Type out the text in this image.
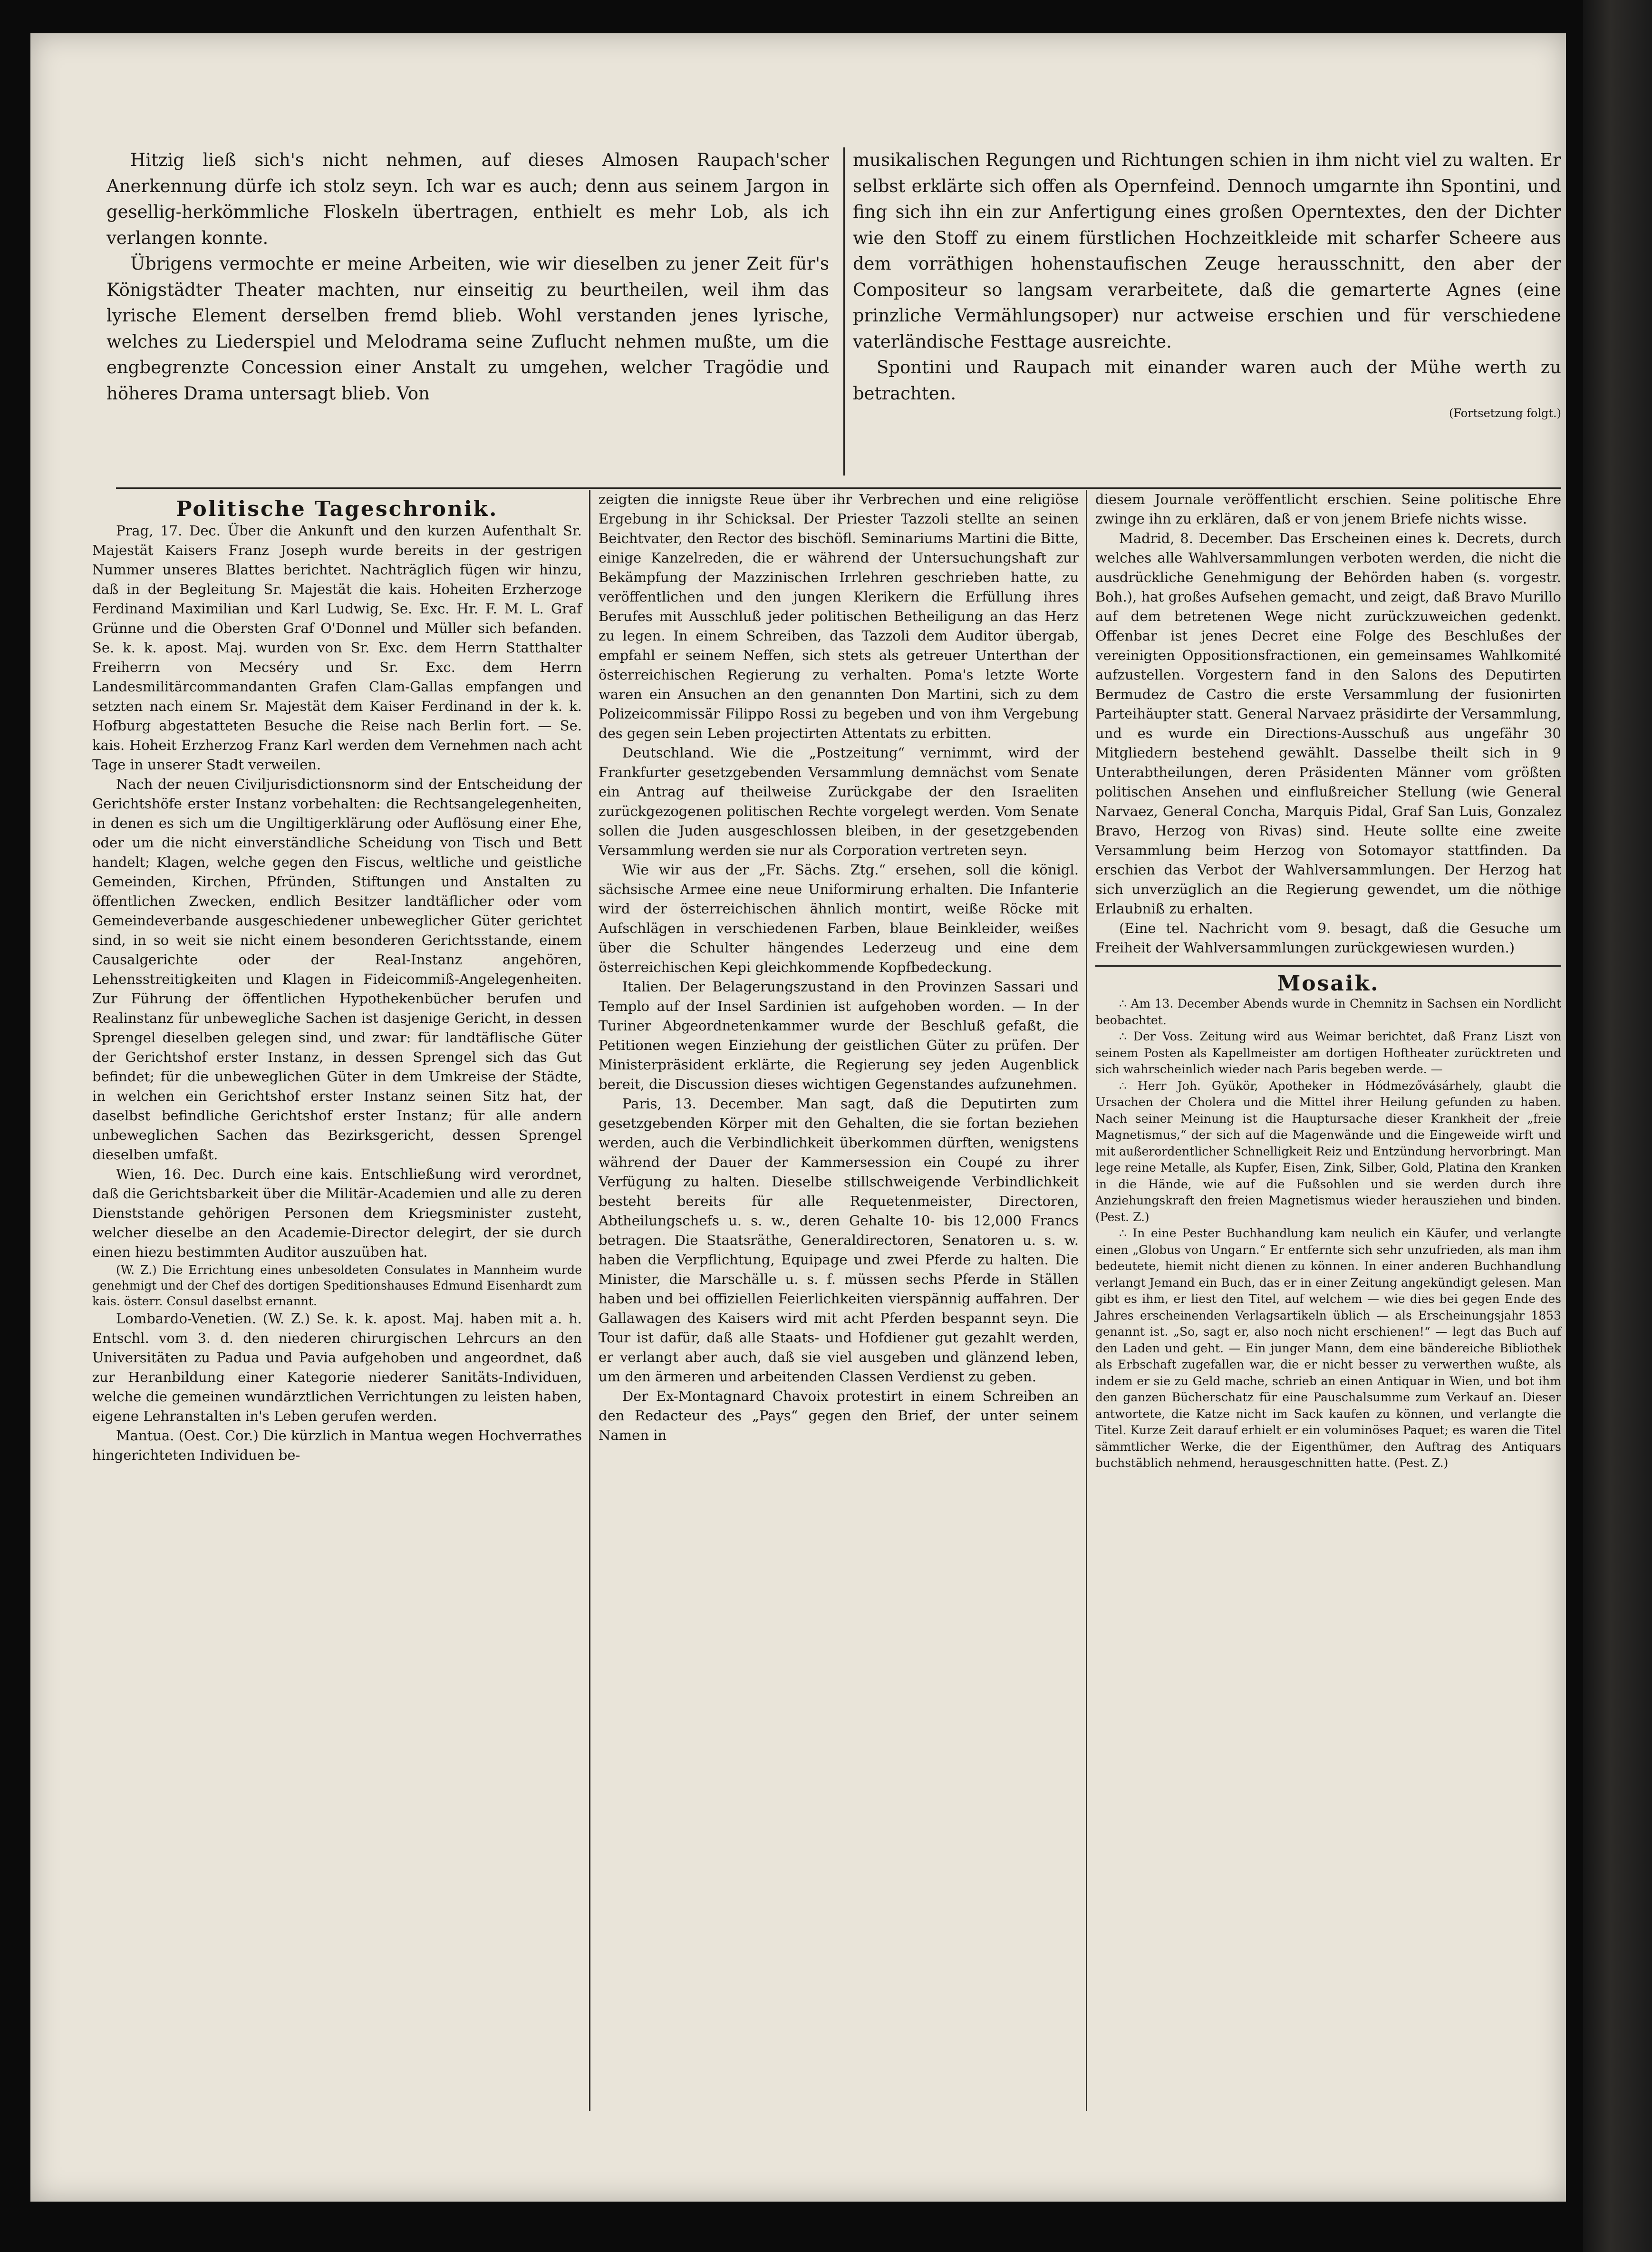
Hitzig ließ sich's nicht nehmen, auf dieses Almosen Raupach'scher Anerkennung dürfe ich stolz seyn. Ich war es auch; denn aus seinem Jargon in gesellig-herkömmliche Floskeln übertragen, enthielt es mehr Lob, als ich verlangen konnte.

Übrigens vermochte er meine Arbeiten, wie wir dieselben zu jener Zeit für's Königstädter Theater machten, nur einseitig zu beurtheilen, weil ihm das lyrische Element derselben fremd blieb. Wohl verstanden jenes lyrische, welches zu Liederspiel und Melodrama seine Zuflucht nehmen mußte, um die engbegrenzte Concession einer Anstalt zu umgehen, welcher Tragödie und höheres Drama untersagt blieb. Von

musikalischen Regungen und Richtungen schien in ihm nicht viel zu walten. Er selbst erklärte sich offen als Opernfeind. Dennoch umgarnte ihn Spontini, und fing sich ihn ein zur Anfertigung eines großen Operntextes, den der Dichter wie den Stoff zu einem fürstlichen Hochzeitkleide mit scharfer Scheere aus dem vorräthigen hohenstaufischen Zeuge herausschnitt, den aber der Compositeur so langsam verarbeitete, daß die gemarterte Agnes (eine prinzliche Vermählungsoper) nur actweise erschien und für verschiedene vaterländische Festtage ausreichte.

Spontini und Raupach mit einander waren auch der Mühe werth zu betrachten.

(Fortsetzung folgt.)

Politische Tageschronik.

Prag, 17. Dec. Über die Ankunft und den kurzen Aufenthalt Sr. Majestät Kaisers Franz Joseph wurde bereits in der gestrigen Nummer unseres Blattes berichtet. Nachträglich fügen wir hinzu, daß in der Begleitung Sr. Majestät die kais. Hoheiten Erzherzoge Ferdinand Maximilian und Karl Ludwig, Se. Exc. Hr. F. M. L. Graf Grünne und die Obersten Graf O'Donnel und Müller sich befanden. Se. k. k. apost. Maj. wurden von Sr. Exc. dem Herrn Statthalter Freiherrn von Mecséry und Sr. Exc. dem Herrn Landesmilitärcommandanten Grafen Clam-Gallas empfangen und setzten nach einem Sr. Majestät dem Kaiser Ferdinand in der k. k. Hofburg abgestatteten Besuche die Reise nach Berlin fort. — Se. kais. Hoheit Erzherzog Franz Karl werden dem Vernehmen nach acht Tage in unserer Stadt verweilen.

Nach der neuen Civiljurisdictionsnorm sind der Entscheidung der Gerichtshöfe erster Instanz vorbehalten: die Rechtsangelegenheiten, in denen es sich um die Ungiltigerklärung oder Auflösung einer Ehe, oder um die nicht einverständliche Scheidung von Tisch und Bett handelt; Klagen, welche gegen den Fiscus, weltliche und geistliche Gemeinden, Kirchen, Pfründen, Stiftungen und Anstalten zu öffentlichen Zwecken, endlich Besitzer landtäflicher oder vom Gemeindeverbande ausgeschiedener unbeweglicher Güter gerichtet sind, in so weit sie nicht einem besonderen Gerichtsstande, einem Causalgerichte oder der Real-Instanz angehören, Lehensstreitigkeiten und Klagen in Fideicommiß-Angelegenheiten. Zur Führung der öffentlichen Hypothekenbücher berufen und Realinstanz für unbewegliche Sachen ist dasjenige Gericht, in dessen Sprengel dieselben gelegen sind, und zwar: für landtäflische Güter der Gerichtshof erster Instanz, in dessen Sprengel sich das Gut befindet; für die unbeweglichen Güter in dem Umkreise der Städte, in welchen ein Gerichtshof erster Instanz seinen Sitz hat, der daselbst befindliche Gerichtshof erster Instanz; für alle andern unbeweglichen Sachen das Bezirksgericht, dessen Sprengel dieselben umfaßt.

Wien, 16. Dec. Durch eine kais. Entschließung wird verordnet, daß die Gerichtsbarkeit über die Militär-Academien und alle zu deren Dienststande gehörigen Personen dem Kriegsminister zusteht, welcher dieselbe an den Academie-Director delegirt, der sie durch einen hiezu bestimmten Auditor auszuüben hat.

(W. Z.) Die Errichtung eines unbesoldeten Consulates in Mannheim wurde genehmigt und der Chef des dortigen Speditionshauses Edmund Eisenhardt zum kais. österr. Consul daselbst ernannt.

Lombardo-Venetien. (W. Z.) Se. k. k. apost. Maj. haben mit a. h. Entschl. vom 3. d. den niederen chirurgischen Lehrcurs an den Universitäten zu Padua und Pavia aufgehoben und angeordnet, daß zur Heranbildung einer Kategorie niederer Sanitäts-Individuen, welche die gemeinen wundärztlichen Verrichtungen zu leisten haben, eigene Lehranstalten in's Leben gerufen werden.

Mantua. (Oest. Cor.) Die kürzlich in Mantua wegen Hochverrathes hingerichteten Individuen be-

zeigten die innigste Reue über ihr Verbrechen und eine religiöse Ergebung in ihr Schicksal. Der Priester Tazzoli stellte an seinen Beichtvater, den Rector des bischöfl. Seminariums Martini die Bitte, einige Kanzelreden, die er während der Untersuchungshaft zur Bekämpfung der Mazzinischen Irrlehren geschrieben hatte, zu veröffentlichen und den jungen Klerikern die Erfüllung ihres Berufes mit Ausschluß jeder politischen Betheiligung an das Herz zu legen. In einem Schreiben, das Tazzoli dem Auditor übergab, empfahl er seinem Neffen, sich stets als getreuer Unterthan der österreichischen Regierung zu verhalten. Poma's letzte Worte waren ein Ansuchen an den genannten Don Martini, sich zu dem Polizeicommissär Filippo Rossi zu begeben und von ihm Vergebung des gegen sein Leben projectirten Attentats zu erbitten.

Deutschland. Wie die „Postzeitung“ vernimmt, wird der Frankfurter gesetzgebenden Versammlung demnächst vom Senate ein Antrag auf theilweise Zurückgabe der den Israeliten zurückgezogenen politischen Rechte vorgelegt werden. Vom Senate sollen die Juden ausgeschlossen bleiben, in der gesetzgebenden Versammlung werden sie nur als Corporation vertreten seyn.

Wie wir aus der „Fr. Sächs. Ztg.“ ersehen, soll die königl. sächsische Armee eine neue Uniformirung erhalten. Die Infanterie wird der österreichischen ähnlich montirt, weiße Röcke mit Aufschlägen in verschiedenen Farben, blaue Beinkleider, weißes über die Schulter hängendes Lederzeug und eine dem österreichischen Kepi gleichkommende Kopfbedeckung.

Italien. Der Belagerungszustand in den Provinzen Sassari und Templo auf der Insel Sardinien ist aufgehoben worden. — In der Turiner Abgeordnetenkammer wurde der Beschluß gefaßt, die Petitionen wegen Einziehung der geistlichen Güter zu prüfen. Der Ministerpräsident erklärte, die Regierung sey jeden Augenblick bereit, die Discussion dieses wichtigen Gegenstandes aufzunehmen.

Paris, 13. December. Man sagt, daß die Deputirten zum gesetzgebenden Körper mit den Gehalten, die sie fortan beziehen werden, auch die Verbindlichkeit überkommen dürften, wenigstens während der Dauer der Kammersession ein Coupé zu ihrer Verfügung zu halten. Dieselbe stillschweigende Verbindlichkeit besteht bereits für alle Requetenmeister, Directoren, Abtheilungschefs u. s. w., deren Gehalte 10- bis 12,000 Francs betragen. Die Staatsräthe, Generaldirectoren, Senatoren u. s. w. haben die Verpflichtung, Equipage und zwei Pferde zu halten. Die Minister, die Marschälle u. s. f. müssen sechs Pferde in Ställen haben und bei offiziellen Feierlichkeiten vierspännig auffahren. Der Gallawagen des Kaisers wird mit acht Pferden bespannt seyn. Die Tour ist dafür, daß alle Staats- und Hofdiener gut gezahlt werden, er verlangt aber auch, daß sie viel ausgeben und glänzend leben, um den ärmeren und arbeitenden Classen Verdienst zu geben.

Der Ex-Montagnard Chavoix protestirt in einem Schreiben an den Redacteur des „Pays“ gegen den Brief, der unter seinem Namen in

diesem Journale veröffentlicht erschien. Seine politische Ehre zwinge ihn zu erklären, daß er von jenem Briefe nichts wisse.

Madrid, 8. December. Das Erscheinen eines k. Decrets, durch welches alle Wahlversammlungen verboten werden, die nicht die ausdrückliche Genehmigung der Behörden haben (s. vorgestr. Boh.), hat großes Aufsehen gemacht, und zeigt, daß Bravo Murillo auf dem betretenen Wege nicht zurückzuweichen gedenkt. Offenbar ist jenes Decret eine Folge des Beschlußes der vereinigten Oppositionsfractionen, ein gemeinsames Wahlkomité aufzustellen. Vorgestern fand in den Salons des Deputirten Bermudez de Castro die erste Versammlung der fusionirten Parteihäupter statt. General Narvaez präsidirte der Versammlung, und es wurde ein Directions-Ausschuß aus ungefähr 30 Mitgliedern bestehend gewählt. Dasselbe theilt sich in 9 Unterabtheilungen, deren Präsidenten Männer vom größten politischen Ansehen und einflußreicher Stellung (wie General Narvaez, General Concha, Marquis Pidal, Graf San Luis, Gonzalez Bravo, Herzog von Rivas) sind. Heute sollte eine zweite Versammlung beim Herzog von Sotomayor stattfinden. Da erschien das Verbot der Wahlversammlungen. Der Herzog hat sich unverzüglich an die Regierung gewendet, um die nöthige Erlaubniß zu erhalten.

(Eine tel. Nachricht vom 9. besagt, daß die Gesuche um Freiheit der Wahlversammlungen zurückgewiesen wurden.)

Mosaik.

∴ Am 13. December Abends wurde in Chemnitz in Sachsen ein Nordlicht beobachtet.

∴ Der Voss. Zeitung wird aus Weimar berichtet, daß Franz Liszt von seinem Posten als Kapellmeister am dortigen Hoftheater zurücktreten und sich wahrscheinlich wieder nach Paris begeben werde. —

∴ Herr Joh. Gyükör, Apotheker in Hódmezővásárhely, glaubt die Ursachen der Cholera und die Mittel ihrer Heilung gefunden zu haben. Nach seiner Meinung ist die Hauptursache dieser Krankheit der „freie Magnetismus,“ der sich auf die Magenwände und die Eingeweide wirft und mit außerordentlicher Schnelligkeit Reiz und Entzündung hervorbringt. Man lege reine Metalle, als Kupfer, Eisen, Zink, Silber, Gold, Platina den Kranken in die Hände, wie auf die Fußsohlen und sie werden durch ihre Anziehungskraft den freien Magnetismus wieder herausziehen und binden. (Pest. Z.)

∴ In eine Pester Buchhandlung kam neulich ein Käufer, und verlangte einen „Globus von Ungarn.“ Er entfernte sich sehr unzufrieden, als man ihm bedeutete, hiemit nicht dienen zu können. In einer anderen Buchhandlung verlangt Jemand ein Buch, das er in einer Zeitung angekündigt gelesen. Man gibt es ihm, er liest den Titel, auf welchem — wie dies bei gegen Ende des Jahres erscheinenden Verlagsartikeln üblich — als Erscheinungsjahr 1853 genannt ist. „So, sagt er, also noch nicht erschienen!“ — legt das Buch auf den Laden und geht. — Ein junger Mann, dem eine bändereiche Bibliothek als Erbschaft zugefallen war, die er nicht besser zu verwerthen wußte, als indem er sie zu Geld mache, schrieb an einen Antiquar in Wien, und bot ihm den ganzen Bücherschatz für eine Pauschalsumme zum Verkauf an. Dieser antwortete, die Katze nicht im Sack kaufen zu können, und verlangte die Titel. Kurze Zeit darauf erhielt er ein voluminöses Paquet; es waren die Titel sämmtlicher Werke, die der Eigenthümer, den Auftrag des Antiquars buchstäblich nehmend, herausgeschnitten hatte. (Pest. Z.)
